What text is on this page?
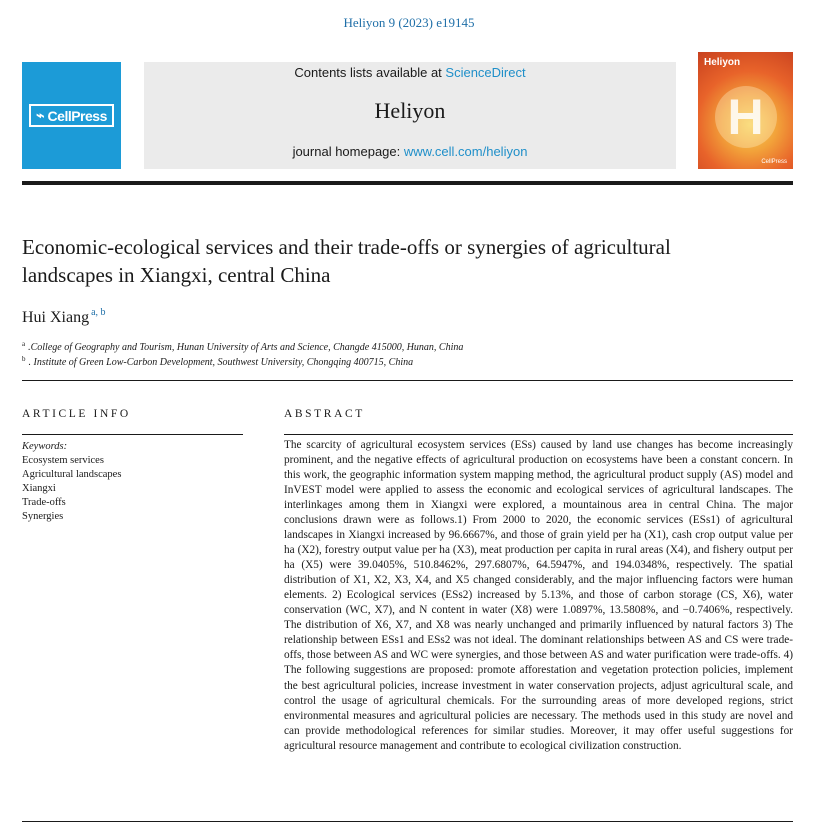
Heliyon 9 (2023) e19145
⌁ CellPress
Contents lists available at ScienceDirect
Heliyon
journal homepage: www.cell.com/heliyon
Heliyon
H
CellPress
Economic-ecological services and their trade-offs or synergies of agricultural landscapes in Xiangxi, central China
Hui Xiang $^{a, b}$
$^a$ .College of Geography and Tourism, Hunan University of Arts and Science, Changde 415000, Hunan, China
$^b$ . Institute of Green Low-Carbon Development, Southwest University, Chongqing 400715, China
ARTICLE INFO	ABSTRACT
Keywords:
Ecosystem services
Agricultural landscapes
Xiangxi
Trade-offs
Synergies
The scarcity of agricultural ecosystem services (ESs) caused by land use changes has become increasingly prominent, and the negative effects of agricultural production on ecosystems have been a constant concern. In this work, the geographic information system mapping method, the agricultural product supply (AS) model and InVEST model were applied to assess the economic and ecological services of agricultural landscapes. The interlinkages among them in Xiangxi were explored, a mountainous area in central China. The major conclusions drawn were as follows.1) From 2000 to 2020, the economic services (ESs1) of agricultural landscapes in Xiangxi increased by 96.6667%, and those of grain yield per ha (X1), cash crop output value per ha (X2), forestry output value per ha (X3), meat production per capita in rural areas (X4), and fishery output per ha (X5) were 39.0405%, 510.8462%, 297.6807%, 64.5947%, and 194.0348%, respectively. The spatial distribution of X1, X2, X3, X4, and X5 changed considerably, and the major influencing factors were human elements. 2) Ecological services (ESs2) increased by 5.13%, and those of carbon storage (CS, X6), water conservation (WC, X7), and N content in water (X8) were 1.0897%, 13.5808%, and −0.7406%, respectively. The distribution of X6, X7, and X8 was nearly unchanged and primarily influenced by natural factors 3) The relationship between ESs1 and ESs2 was not ideal. The dominant relationships between AS and CS were trade-offs, those between AS and WC were synergies, and those between AS and water purification were trade-offs. 4) The following suggestions are proposed: promote afforestation and vegetation protection policies, implement the best agricultural policies, increase investment in water conservation projects, adjust agricultural scale, and control the usage of agricultural chemicals. For the surrounding areas of more developed regions, strict environmental measures and agricultural policies are necessary. The methods used in this study are novel and can provide methodological references for similar studies. Moreover, it may offer useful suggestions for agricultural resource management and contribute to ecological civilization construction.
